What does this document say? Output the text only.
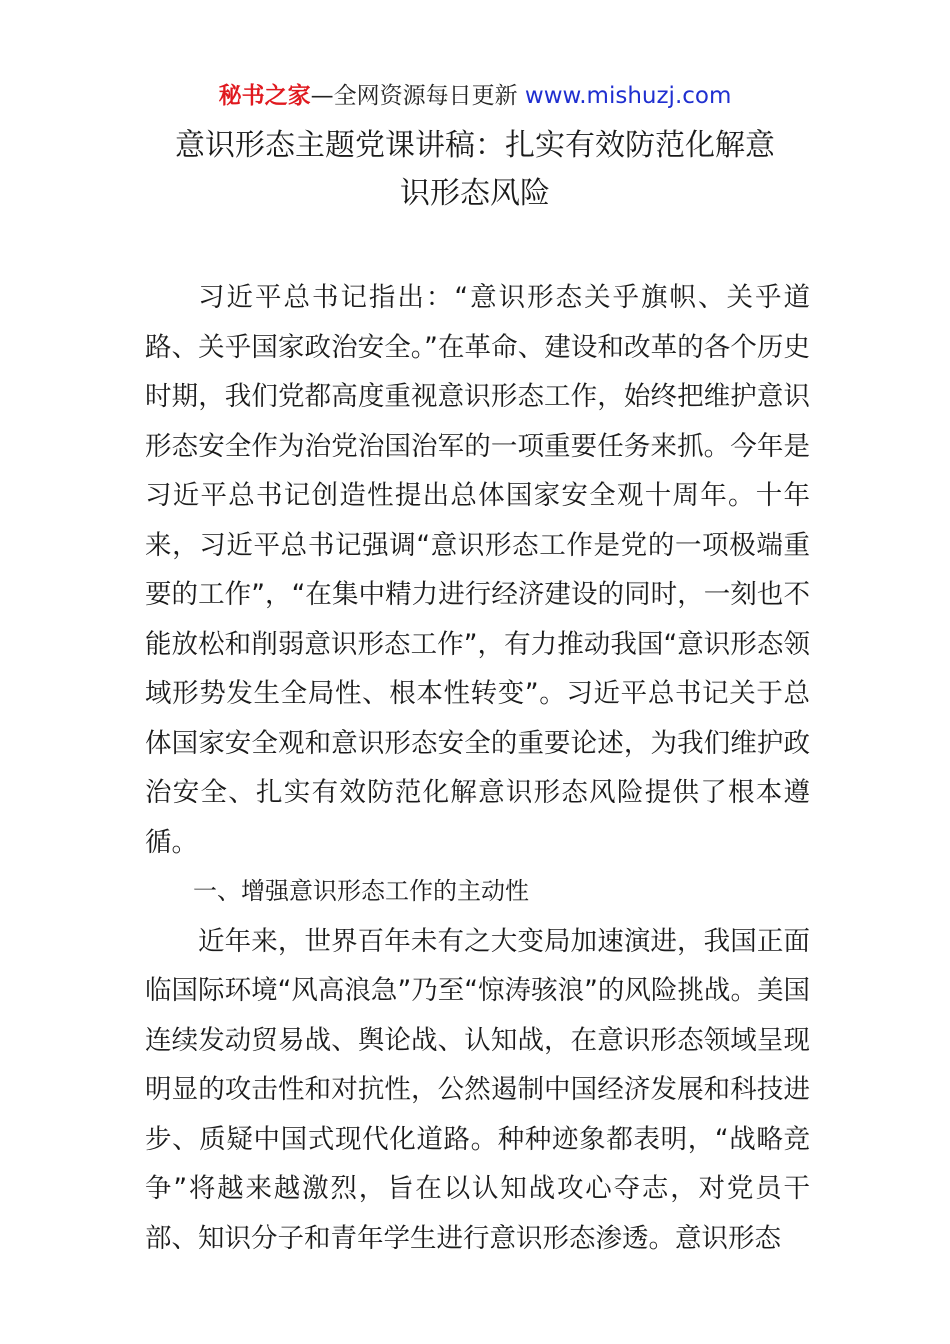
秘书之家—全网资源每日更新 www.mishuzj.com
意识形态主题党课讲稿：扎实有效防范化解意
识形态风险

习近平总书记指出：“意识形态关乎旗帜、关乎道路、关乎国家政治安全。”在革命、建设和改革的各个历史时期，我们党都高度重视意识形态工作，始终把维护意识形态安全作为治党治国治军的一项重要任务来抓。今年是习近平总书记创造性提出总体国家安全观十周年。十年来，习近平总书记强调“意识形态工作是党的一项极端重要的工作”，“在集中精力进行经济建设的同时，一刻也不能放松和削弱意识形态工作”，有力推动我国“意识形态领域形势发生全局性、根本性转变”。习近平总书记关于总体国家安全观和意识形态安全的重要论述，为我们维护政治安全、扎实有效防范化解意识形态风险提供了根本遵循。

一、增强意识形态工作的主动性

近年来，世界百年未有之大变局加速演进，我国正面临国际环境“风高浪急”乃至“惊涛骇浪”的风险挑战。美国连续发动贸易战、舆论战、认知战，在意识形态领域呈现明显的攻击性和对抗性，公然遏制中国经济发展和科技进步、质疑中国式现代化道路。种种迹象都表明，“战略竞争”将越来越激烈，旨在以认知战攻心夺志，对党员干部、知识分子和青年学生进行意识形态渗透。意识形态
